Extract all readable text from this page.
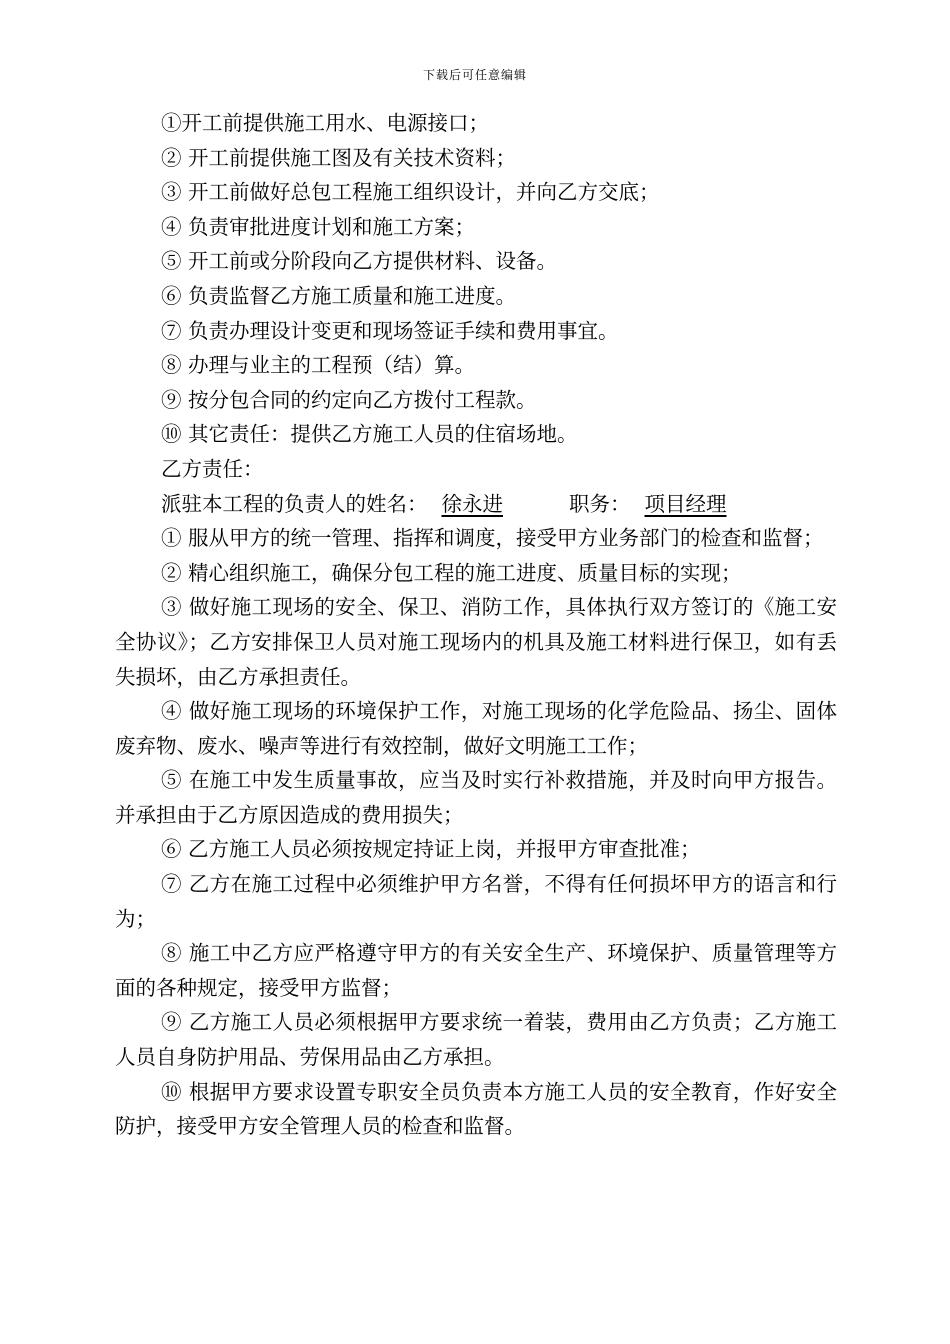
下载后可任意编辑

①开工前提供施工用水、电源接口；

② 开工前提供施工图及有关技术资料；

③ 开工前做好总包工程施工组织设计，并向乙方交底；

④ 负责审批进度计划和施工方案；

⑤ 开工前或分阶段向乙方提供材料、设备。

⑥ 负责监督乙方施工质量和施工进度。

⑦ 负责办理设计变更和现场签证手续和费用事宜。

⑧ 办理与业主的工程预（结）算。

⑨ 按分包合同的约定向乙方拨付工程款。

⑩ 其它责任：提供乙方施工人员的住宿场地。

乙方责任：

派驻本工程的负责人的姓名： 徐永进	职务： 项目经理

① 服从甲方的统一管理、指挥和调度，接受甲方业务部门的检查和监督；

② 精心组织施工，确保分包工程的施工进度、质量目标的实现；

③ 做好施工现场的安全、保卫、消防工作，具体执行双方签订的《施工安全协议》；乙方安排保卫人员对施工现场内的机具及施工材料进行保卫，如有丢失损坏，由乙方承担责任。

④ 做好施工现场的环境保护工作，对施工现场的化学危险品、扬尘、固体废弃物、废水、噪声等进行有效控制，做好文明施工工作；

⑤ 在施工中发生质量事故，应当及时实行补救措施，并及时向甲方报告。并承担由于乙方原因造成的费用损失；

⑥ 乙方施工人员必须按规定持证上岗，并报甲方审查批准；

⑦ 乙方在施工过程中必须维护甲方名誉，不得有任何损坏甲方的语言和行为；

⑧ 施工中乙方应严格遵守甲方的有关安全生产、环境保护、质量管理等方面的各种规定，接受甲方监督；

⑨ 乙方施工人员必须根据甲方要求统一着装，费用由乙方负责；乙方施工人员自身防护用品、劳保用品由乙方承担。

⑩ 根据甲方要求设置专职安全员负责本方施工人员的安全教育，作好安全防护，接受甲方安全管理人员的检查和监督。
